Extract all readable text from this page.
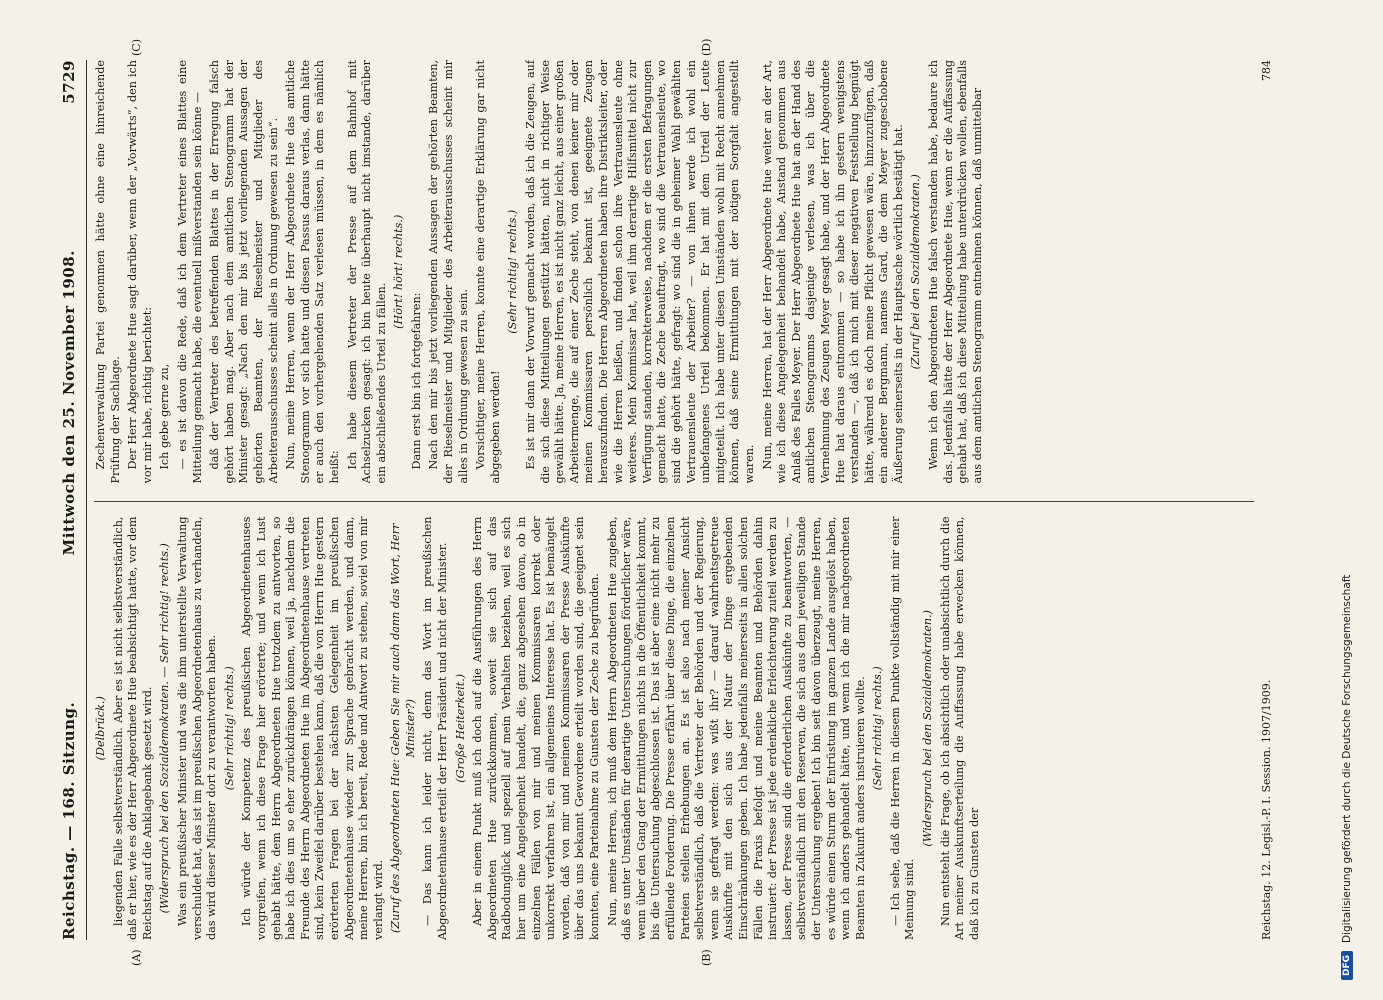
Reichstag. — 168. Sitzung.
Mittwoch den 25. November 1908.
5729

(Delbrück.) liegenden Falle selbstverständlich. Aber es ist nicht selbstverständlich, daß er hier, wie es der Herr Abgeordnete Hue beabsichtigt hatte, vor dem Reichstag auf die Anklagebank gesetzt wird. (Widerspruch bei den Sozialdemokraten. — Sehr richtig! rechts.) Was ein preußischer Minister und was die ihm unterstellte Verwaltung verschuldet hat, das ist im preußischen Abgeordnetenhaus zu verhandeln, das wird dieser Minister dort zu verantworten haben. (Sehr richtig! rechts.) Ich würde der Kompetenz des preußischen Abgeordnetenhauses vorgreifen, wenn ich diese Frage hier erörterte; und wenn ich Lust gehabt hätte, dem Herrn Abgeordneten Hue trotzdem zu antworten, so habe ich dies um so eher zurückdrängen können, weil ja, nachdem die Freunde des Herrn Abgeordneten Hue im Abgeordnetenhause vertreten sind, kein Zweifel darüber bestehen kann, daß die von Herrn Hue gestern erörterten Fragen bei der nächsten Gelegenheit im preußischen Abgeordnetenhause wieder zur Sprache gebracht werden, und dann, meine Herren, bin ich bereit, Rede und Antwort zu stehen, soviel von mir verlangt wird. (Zuruf des Abgeordneten Hue: Geben Sie mir auch dann das Wort, Herr Minister?) — Das kann ich leider nicht, denn das Wort im preußischen Abgeordnetenhause erteilt der Herr Präsident und nicht der Minister. (Große Heiterkeit.) Aber in einem Punkt muß ich doch auf die Ausführungen des Herrn Abgeordneten Hue zurückkommen, soweit sie sich auf das Radbodunglück und speziell auf mein Verhalten beziehen, weil es sich hier um eine Angelegenheit handelt, die, ganz abgesehen davon, ob in einzelnen Fällen von mir und meinen Kommissaren korrekt oder unkorrekt verfahren ist, ein allgemeines Interesse hat. Es ist bemängelt worden, daß von mir und meinen Kommissaren der Presse Auskünfte über das uns bekannt Gewordene erteilt worden sind, die geeignet sein konnten, eine Parteinahme zu Gunsten der Zeche zu begründen. Nun, meine Herren, ich muß dem Herrn Abgeordneten Hue zugeben, daß es unter Umständen für derartige Untersuchungen förderlicher wäre, wenn über den Gang der Ermittlungen nichts in die Öffentlichkeit kommt, bis die Untersuchung abgeschlossen ist. Das ist aber eine nicht mehr zu erfüllende Forderung. Die Presse erfährt über diese Dinge, die einzelnen Parteien stellen Erhebungen an. Es ist also nach meiner Ansicht selbstverständlich, daß die Vertreter der Behörden und der Regierung, wenn sie gefragt werden: was wißt ihr? — darauf wahrheitsgetreue Auskünfte mit den sich aus der Natur der Dinge ergebenden Einschränkungen geben. Ich habe jedenfalls meinerseits in allen solchen Fällen die Praxis befolgt und meine Beamten und Behörden dahin instruiert: der Presse ist jede erdenkliche Erleichterung zuteil werden zu lassen, der Presse sind die erforderlichen Auskünfte zu beantworten, — selbstverständlich mit den Reserven, die sich aus dem jeweiligen Stande der Untersuchung ergeben! Ich bin seit davon überzeugt, meine Herren, es würde einen Sturm der Entrüstung im ganzen Lande ausgelöst haben, wenn ich anders gehandelt hätte, und wenn ich die mir nachgeordneten Beamten in Zukunft anders instruieren wollte. (Sehr richtig! rechts.) — Ich sehe, daß die Herren in diesem Punkte vollständig mit mir einer Meinung sind.

(Widerspruch bei den Sozialdemokraten.) Nun entsteht die Frage, ob ich absichtlich oder unabsichtlich durch die Art meiner Auskunftserteilung die Auffassung habe erwecken können, daß ich zu Gunsten der

Zechenverwaltung Partei genommen hätte ohne eine hinreichende Prüfung der Sachlage. Der Herr Abgeordnete Hue sagt darüber, wenn der „Vorwärts“, den ich vor mir habe, richtig berichtet: Ich gebe gerne zu, — es ist davon die Rede, daß ich dem Vertreter eines Blattes eine Mitteilung gemacht habe, die eventuell mißverstanden sein könne — daß der Vertreter des betreffenden Blattes in der Erregung falsch gehört haben mag. Aber nach dem amtlichen Stenogramm hat der Minister gesagt: „Nach den mir bis jetzt vorliegenden Aussagen der gehörten Beamten, der Rieselmeister und Mitglieder des Arbeiterausschusses scheint alles in Ordnung gewesen zu sein“. Nun, meine Herren, wenn der Herr Abgeordnete Hue das amtliche Stenogramm vor sich hatte und diesen Passus daraus verlas, dann hätte er auch den vorhergehenden Satz verlesen müssen, in dem es nämlich heißt: Ich habe diesem Vertreter der Presse auf dem Bahnhof mit Achselzucken gesagt: ich bin heute überhaupt nicht imstande, darüber ein abschließendes Urteil zu fällen.

(Hört! hört! rechts.)

Dann erst bin ich fortgefahren: Nach den mir bis jetzt vorliegenden Aussagen der gehörten Beamten, der Rieselmeister und Mitglieder des Arbeiterausschusses scheint mir alles in Ordnung gewesen zu sein. Vorsichtiger, meine Herren, konnte eine derartige Erklärung gar nicht abgegeben werden!

(Sehr richtig! rechts.) Es ist mir dann der Vorwurf gemacht worden, daß ich die Zeugen, auf die sich diese Mitteilungen gestützt hätten, nicht in richtiger Weise gewählt hätte. Ja, meine Herren, es ist nicht ganz leicht, aus einer großen Arbeitermenge, die auf einer Zeche steht, von denen keiner mir oder meinen Kommissaren persönlich bekannt ist, geeignete Zeugen herauszufinden. Die Herren Abgeordneten haben ihre Distriktsleiter, oder wie die Herren heißen, und finden schon ihre Vertrauensleute ohne weiteres. Mein Kommissar hat, weil ihm derartige Hilfsmittel nicht zur Verfügung standen, korrekterweise, nachdem er die ersten Befragungen gemacht hatte, die Zeche beauftragt, wo sind die Vertrauensleute, wo sind die gehört hätte, gefragt: wo sind die in geheimer Wahl gewählten Vertrauensleute der Arbeiter? — von ihnen werde ich wohl ein unbefangenes Urteil bekommen. Er hat mit dem Urteil der Leute mitgeteilt. Ich habe unter diesen Umständen wohl mit Recht annehmen können, daß seine Ermittlungen mit der nötigen Sorgfalt angestellt waren. Nun, meine Herren, hat der Herr Abgeordnete Hue weiter an der Art, wie ich diese Angelegenheit behandelt habe, Anstand genommen aus Anlaß des Falles Meyer. Der Herr Abgeordnete Hue hat an der Hand des amtlichen Stenogramms dasjenige verlesen, was ich über die Vernehmung des Zeugen Meyer gesagt habe, und der Herr Abgeordnete Hue hat daraus entnommen — so habe ich ihn gestern wenigstens verstanden —, daß ich mich mit dieser negativen Feststellung begnügt hätte, während es doch meine Pflicht gewesen wäre, hinzuzufügen, daß ein anderer Bergmann, namens Gard, die dem Meyer zugeschobene Äußerung seinerseits in der Hauptsache wörtlich bestätigt hat. (Zuruf bei den Sozialdemokraten.) Wenn ich den Abgeordneten Hue falsch verstanden habe, bedaure ich das. Jedenfalls hätte der Herr Abgeordnete Hue, wenn er die Auffassung gehabt hat, daß ich diese Mitteilung habe unterdrücken wollen, ebenfalls aus dem amtlichen Stenogramm entnehmen können, daß unmittelbar

(A)	(B)
(C)	(D)
Reichstag. 12. Legisl.-P. I. Session. 1907/1909.
784
DFG
Digitalisierung gefördert durch die Deutsche Forschungsgemeinschaft
